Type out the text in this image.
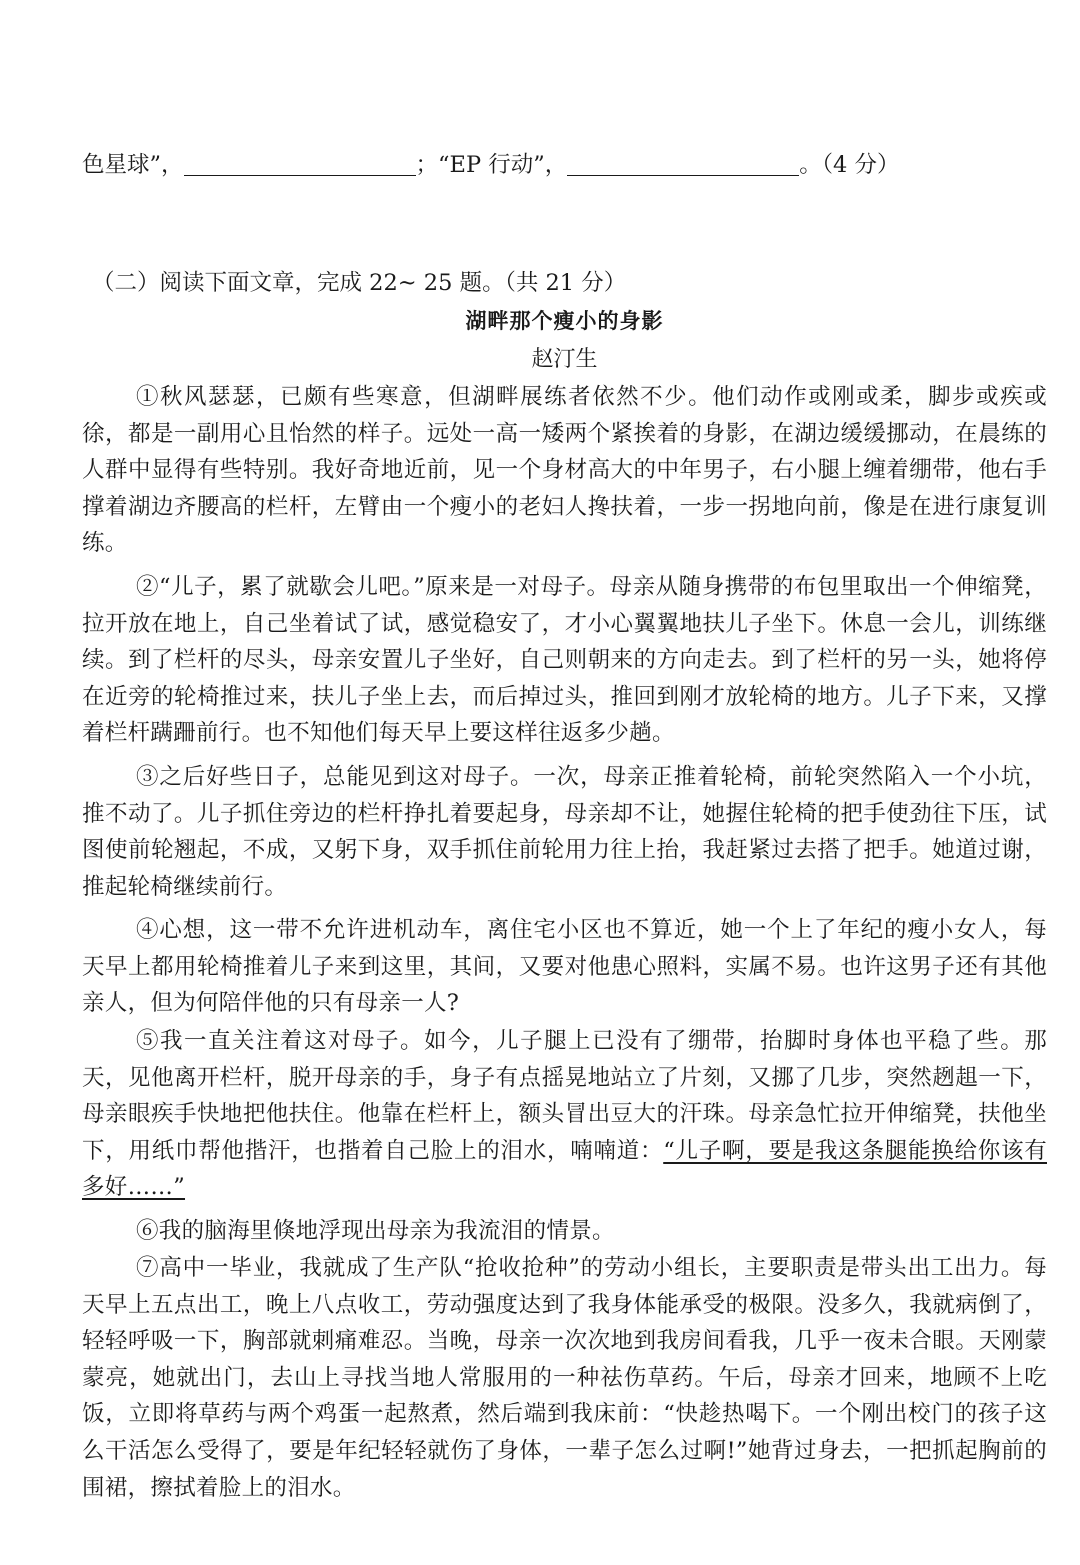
色星球”，	；“EP 行动”，	。（4 分）
（二）阅读下面文章，完成 22~ 25 题。（共 21 分）
湖畔那个瘦小的身影
赵汀生

①秋风瑟瑟，已颇有些寒意，但湖畔展练者依然不少。他们动作或刚或柔，脚步或疾或徐，都是一副用心且怡然的样子。远处一高一矮两个紧挨着的身影，在湖边缓缓挪动，在晨练的人群中显得有些特别。我好奇地近前，见一个身材高大的中年男子，右小腿上缠着绷带，他右手撑着湖边齐腰高的栏杆，左臂由一个瘦小的老妇人搀扶着，一步一拐地向前，像是在进行康复训练。

②“儿子，累了就歇会儿吧。”原来是一对母子。母亲从随身携带的布包里取出一个伸缩凳，拉开放在地上，自己坐着试了试，感觉稳安了，才小心翼翼地扶儿子坐下。休息一会儿，训练继续。到了栏杆的尽头，母亲安置儿子坐好，自己则朝来的方向走去。到了栏杆的另一头，她将停在近旁的轮椅推过来，扶儿子坐上去，而后掉过头，推回到刚才放轮椅的地方。儿子下来，又撑着栏杆蹒跚前行。也不知他们每天早上要这样往返多少趟。

③之后好些日子，总能见到这对母子。一次，母亲正推着轮椅，前轮突然陷入一个小坑，推不动了。儿子抓住旁边的栏杆挣扎着要起身，母亲却不让，她握住轮椅的把手使劲往下压，试图使前轮翘起，不成，又躬下身，双手抓住前轮用力往上抬，我赶紧过去搭了把手。她道过谢，推起轮椅继续前行。

④心想，这一带不允许进机动车，离住宅小区也不算近，她一个上了年纪的瘦小女人，每天早上都用轮椅推着儿子来到这里，其间，又要对他患心照料，实属不易。也许这男子还有其他亲人，但为何陪伴他的只有母亲一人?

⑤我一直关注着这对母子。如今，儿子腿上已没有了绷带，抬脚时身体也平稳了些。那天，见他离开栏杆，脱开母亲的手，身子有点摇晃地站立了片刻，又挪了几步，突然趔趄一下，母亲眼疾手快地把他扶住。他靠在栏杆上，额头冒出豆大的汗珠。母亲急忙拉开伸缩凳，扶他坐下，用纸巾帮他揩汗，也揩着自己脸上的泪水，喃喃道：“儿子啊，要是我这条腿能换给你该有多好……”

⑥我的脑海里倏地浮现出母亲为我流泪的情景。

⑦高中一毕业，我就成了生产队“抢收抢种”的劳动小组长，主要职责是带头出工出力。每天早上五点出工，晚上八点收工，劳动强度达到了我身体能承受的极限。没多久，我就病倒了，轻轻呼吸一下，胸部就刺痛难忍。当晚，母亲一次次地到我房间看我，几乎一夜未合眼。天刚蒙蒙亮，她就出门，去山上寻找当地人常服用的一种祛伤草药。午后，母亲才回来，地顾不上吃饭，立即将草药与两个鸡蛋一起熬煮，然后端到我床前：“快趁热喝下。一个刚出校门的孩子这么干活怎么受得了，要是年纪轻轻就伤了身体，一辈子怎么过啊!”她背过身去，一把抓起胸前的围裙，擦拭着脸上的泪水。
